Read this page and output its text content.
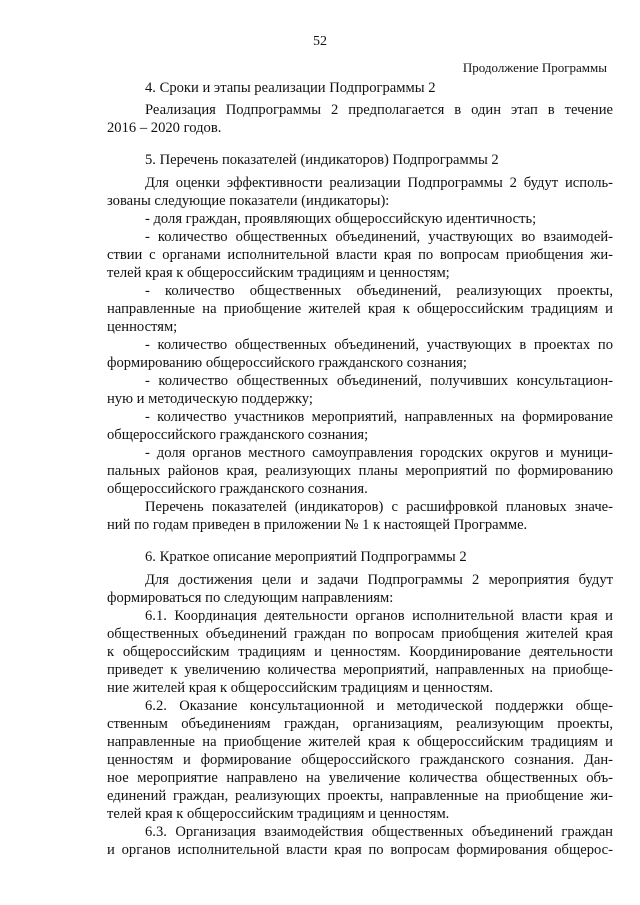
52
Продолжение Программы
4. Сроки и этапы реализации Подпрограммы 2
Реализация Подпрограммы 2 предполагается в один этап в течение
2016 – 2020 годов.
5. Перечень показателей (индикаторов) Подпрограммы 2
Для оценки эффективности реализации Подпрограммы 2 будут исполь-
зованы следующие показатели (индикаторы):
- доля граждан, проявляющих общероссийскую идентичность;
- количество общественных объединений, участвующих во взаимодей-
ствии с органами исполнительной власти края по вопросам приобщения жи-
телей края к общероссийским традициям и ценностям;
- количество общественных объединений, реализующих проекты,
направленные на приобщение жителей края к общероссийским традициям и
ценностям;
- количество общественных объединений, участвующих в проектах по
формированию общероссийского гражданского сознания;
- количество общественных объединений, получивших консультацион-
ную и методическую поддержку;
- количество участников мероприятий, направленных на формирование
общероссийского гражданского сознания;
- доля органов местного самоуправления городских округов и муници-
пальных районов края, реализующих планы мероприятий по формированию
общероссийского гражданского сознания.
Перечень показателей (индикаторов) с расшифровкой плановых значе-
ний по годам приведен в приложении № 1 к настоящей Программе.
6. Краткое описание мероприятий Подпрограммы 2
Для достижения цели и задачи Подпрограммы 2 мероприятия будут
формироваться по следующим направлениям:
6.1. Координация деятельности органов исполнительной власти края и
общественных объединений граждан по вопросам приобщения жителей края
к общероссийским традициям и ценностям. Координирование деятельности
приведет к увеличению количества мероприятий, направленных на приобще-
ние жителей края к общероссийским традициям и ценностям.
6.2. Оказание консультационной и методической поддержки обще-
ственным объединениям граждан, организациям, реализующим проекты,
направленные на приобщение жителей края к общероссийским традициям и
ценностям и формирование общероссийского гражданского сознания. Дан-
ное мероприятие направлено на увеличение количества общественных объ-
единений граждан, реализующих проекты, направленные на приобщение жи-
телей края к общероссийским традициям и ценностям.
6.3. Организация взаимодействия общественных объединений граждан
и органов исполнительной власти края по вопросам формирования общерос-
